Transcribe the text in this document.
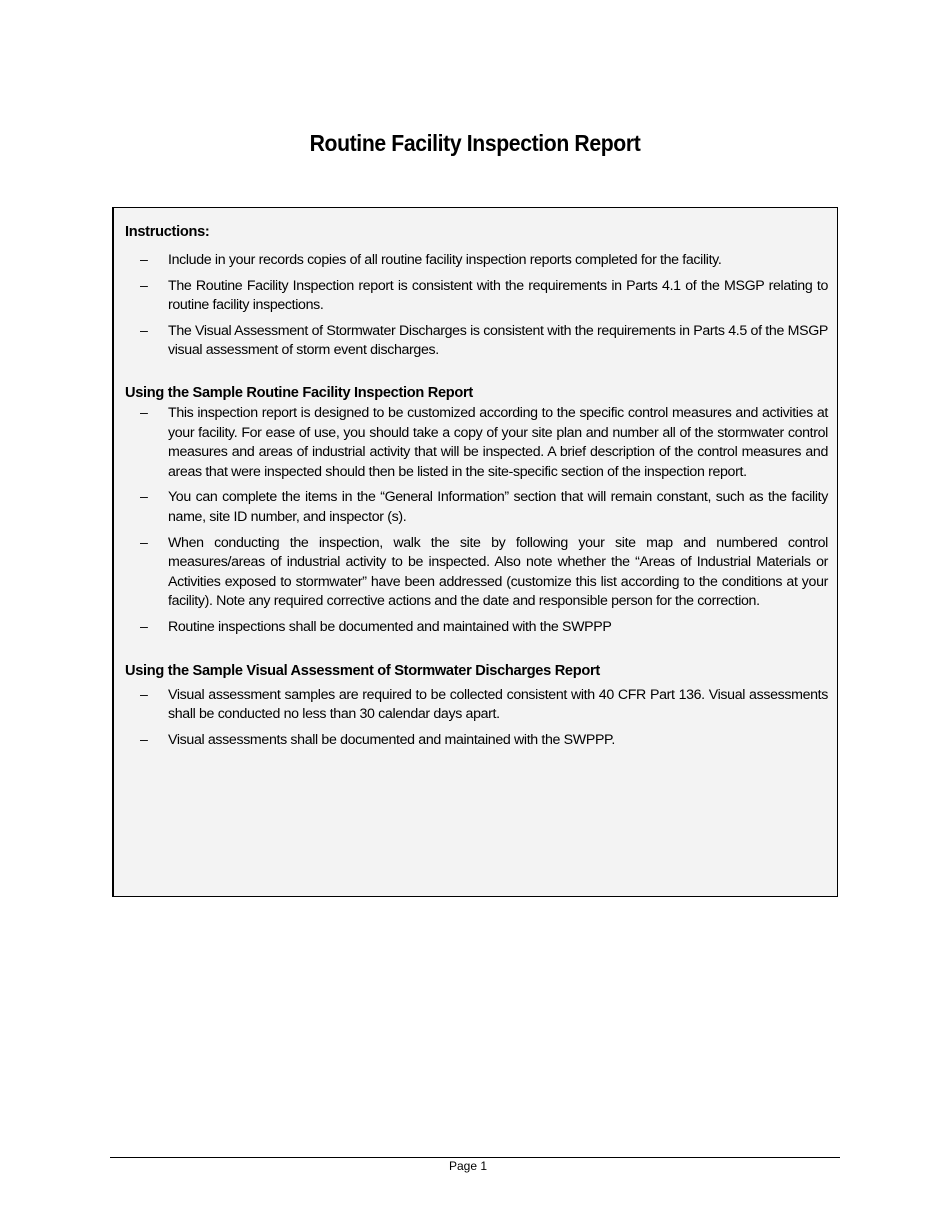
Routine Facility Inspection Report

Instructions:

– Include in your records copies of all routine facility inspection reports completed for the facility.
– The Routine Facility Inspection report is consistent with the requirements in Parts 4.1 of the MSGP relating to routine facility inspections.
– The Visual Assessment of Stormwater Discharges is consistent with the requirements in Parts 4.5 of the MSGP visual assessment of storm event discharges.

Using the Sample Routine Facility Inspection Report

– This inspection report is designed to be customized according to the specific control measures and activities at your facility. For ease of use, you should take a copy of your site plan and number all of the stormwater control measures and areas of industrial activity that will be inspected. A brief description of the control measures and areas that were inspected should then be listed in the site-specific section of the inspection report.
– You can complete the items in the “General Information” section that will remain constant, such as the facility name, site ID number, and inspector (s).
– When conducting the inspection, walk the site by following your site map and numbered control measures/areas of industrial activity to be inspected. Also note whether the “Areas of Industrial Materials or Activities exposed to stormwater” have been addressed (customize this list according to the conditions at your facility). Note any required corrective actions and the date and responsible person for the correction.
– Routine inspections shall be documented and maintained with the SWPPP

Using the Sample Visual Assessment of Stormwater Discharges Report

– Visual assessment samples are required to be collected consistent with 40 CFR Part 136. Visual assessments shall be conducted no less than 30 calendar days apart.
– Visual assessments shall be documented and maintained with the SWPPP.
Page 1
